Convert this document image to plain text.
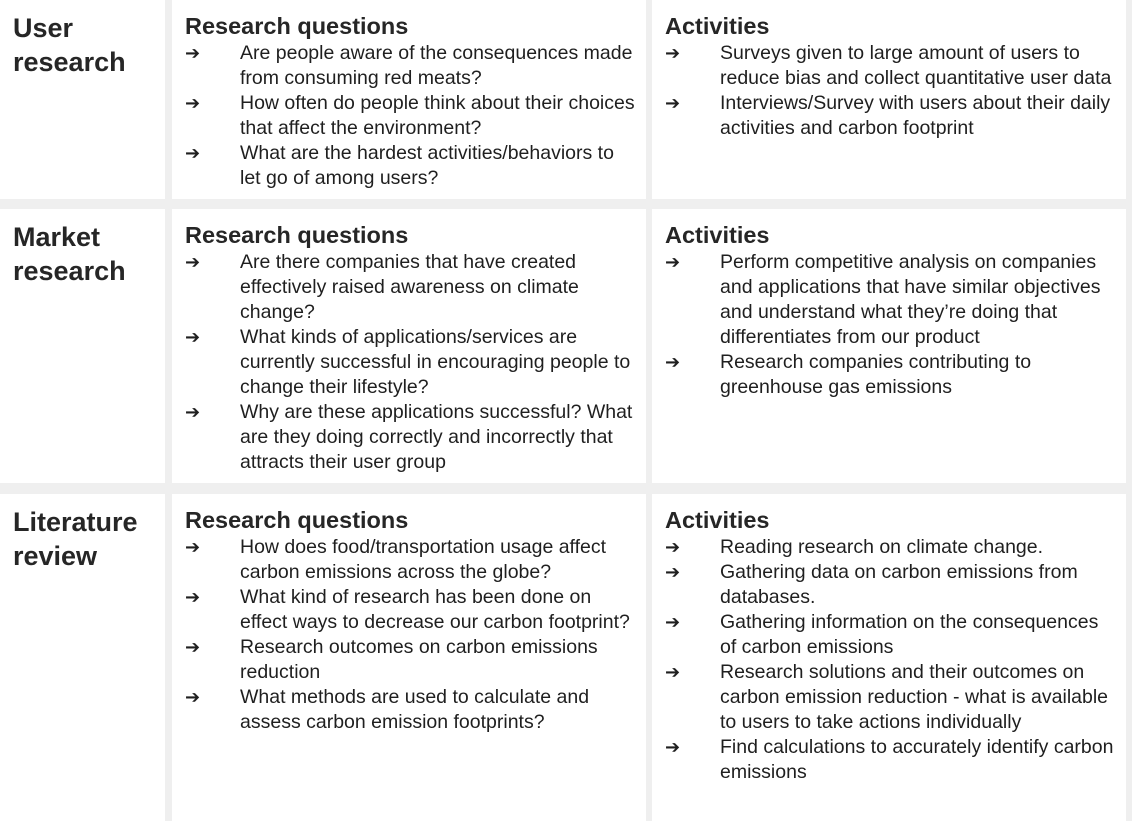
User
research
Research questions
➔ Are people aware of the consequences made from consuming red meats?
➔ How often do people think about their choices that affect the environment?
➔ What are the hardest activities/behaviors to let go of among users?
Activities
➔ Surveys given to large amount of users to reduce bias and collect quantitative user data
➔ Interviews/Survey with users about their daily activities and carbon footprint
Market
research
Research questions
➔ Are there companies that have created effectively raised awareness on climate change?
➔ What kinds of applications/services are currently successful in encouraging people to change their lifestyle?
➔ Why are these applications successful? What are they doing correctly and incorrectly that attracts their user group
Activities
➔ Perform competitive analysis on companies and applications that have similar objectives and understand what they’re doing that differentiates from our product
➔ Research companies contributing to greenhouse gas emissions
Literature
review
Research questions
➔ How does food/transportation usage affect carbon emissions across the globe?
➔ What kind of research has been done on effect ways to decrease our carbon footprint?
➔ Research outcomes on carbon emissions reduction
➔ What methods are used to calculate and assess carbon emission footprints?
Activities
➔ Reading research on climate change.
➔ Gathering data on carbon emissions from databases.
➔ Gathering information on the consequences of carbon emissions
➔ Research solutions and their outcomes on carbon emission reduction - what is available to users to take actions individually
➔ Find calculations to accurately identify carbon emissions
